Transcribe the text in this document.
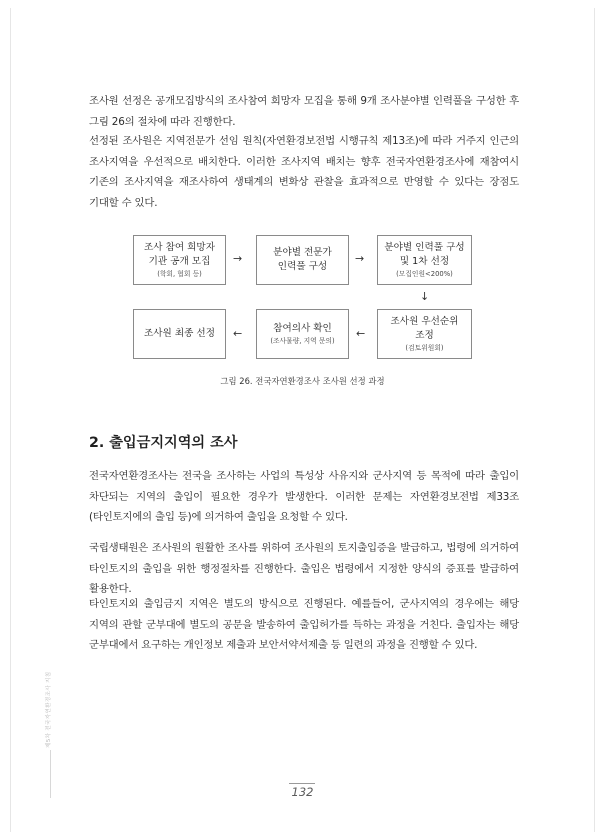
조사원 선정은 공개모집방식의 조사참여 희망자 모집을 통해 9개 조사분야별 인력풀을 구성한 후 그림 26의 절차에 따라 진행한다.

선정된 조사원은 지역전문가 선임 원칙(자연환경보전법 시행규칙 제13조)에 따라 거주지 인근의 조사지역을 우선적으로 배치한다. 이러한 조사지역 배치는 향후 전국자연환경조사에 재참여시 기존의 조사지역을 재조사하여 생태계의 변화상 관찰을 효과적으로 반영할 수 있다는 장점도 기대할 수 있다.

조사 참여 희망자
기관 공개 모집
(학회, 협회 등)
→	분야별 전문가
인력풀 구성
→
분야별 인력풀 구성
및 1차 선정
(모집인원<200%)
↓
조사원 우선순위
조정
(검토위원회)
←
참여의사 확인
(조사물량, 지역 문의)
←
조사원 최종 선정
그림 26. 전국자연환경조사 조사원 선정 과정
2. 출입금지지역의 조사

전국자연환경조사는 전국을 조사하는 사업의 특성상 사유지와 군사지역 등 목적에 따라 출입이 차단되는 지역의 출입이 필요한 경우가 발생한다. 이러한 문제는 자연환경보전법 제33조(타인토지에의 출입 등)에 의거하여 출입을 요청할 수 있다.

국립생태원은 조사원의 원활한 조사를 위하여 조사원의 토지출입증을 발급하고, 법령에 의거하여 타인토지의 출입을 위한 행정절차를 진행한다. 출입은 법령에서 지정한 양식의 증표를 발급하여 활용한다.

타인토지외 출입금지 지역은 별도의 방식으로 진행된다. 예를들어, 군사지역의 경우에는 해당 지역의 관할 군부대에 별도의 공문을 발송하여 출입허가를 득하는 과정을 거친다. 출입자는 해당 군부대에서 요구하는 개인정보 제출과 보안서약서제출 등 일련의 과정을 진행할 수 있다.

제5차 전국자연환경조사 지침
132
